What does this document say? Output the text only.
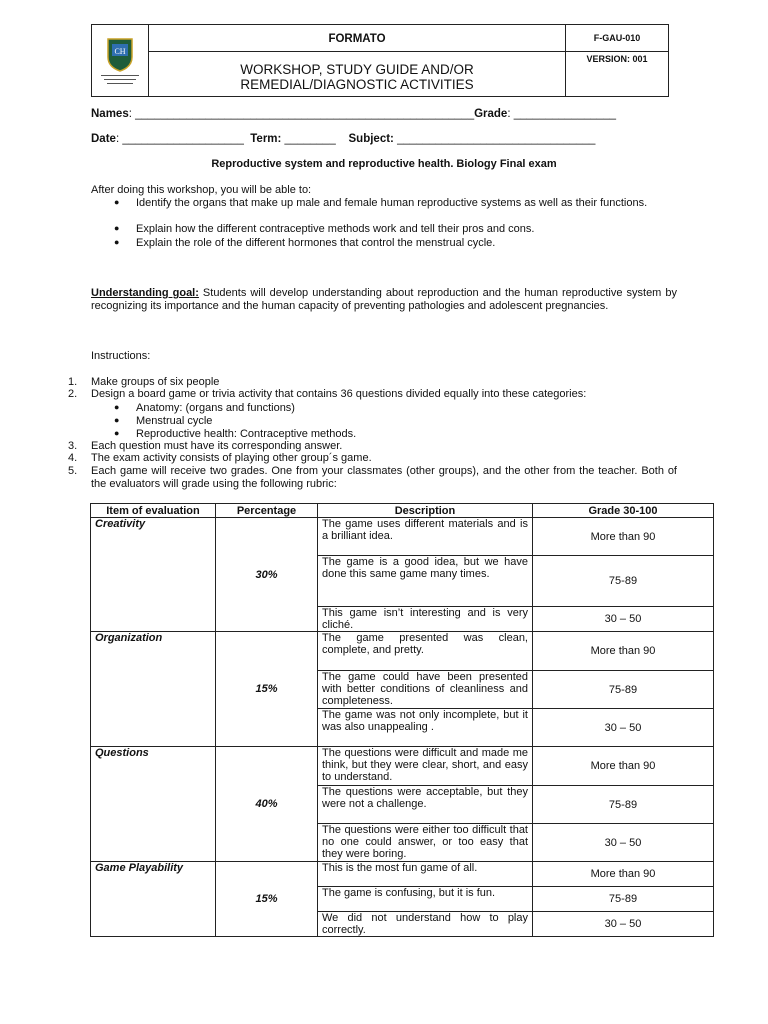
CH
FORMATO
WORKSHOP, STUDY GUIDE AND/OR
REMEDIAL/DIAGNOSTIC ACTIVITIES
F-GAU-010
VERSION: 001
Names: _____________________________________________________Grade: ________________
Date: ___________________ Term: ________ Subject: _______________________________
Reproductive system and reproductive health. Biology Final exam
After doing this workshop, you will be able to:
● Identify the organs that make up male and female human reproductive systems as well as their functions.
● Explain how the different contraceptive methods work and tell their pros and cons.
● Explain the role of the different hormones that control the menstrual cycle.
Understanding goal: Students will develop understanding about reproduction and the human reproductive system by recognizing its importance and the human capacity of preventing pathologies and adolescent pregnancies.
Instructions:
1. Make groups of six people
2. Design a board game or trivia activity that contains 36 questions divided equally into these categories:
● Anatomy: (organs and functions)
● Menstrual cycle
● Reproductive health: Contraceptive methods.
3. Each question must have its corresponding answer.
4. The exam activity consists of playing other group´s game.
5. Each game will receive two grades. One from your classmates (other groups), and the other from the teacher. Both of the evaluators will grade using the following rubric:
Item of evaluation	Percentage	Description	Grade 30-100
Creativity	30%	The game uses different materials and is a brilliant idea.	More than 90
		The game is a good idea, but we have done this same game many times.	75-89
		This game isn’t interesting and is very cliché.	30 – 50
Organization	15%	The game presented was clean, complete, and pretty.	More than 90
		The game could have been presented with better conditions of cleanliness and completeness.	75-89
		The game was not only incomplete, but it was also unappealing .	30 – 50
Questions	40%	The questions were difficult and made me think, but they were clear, short, and easy to understand.	More than 90
		The questions were acceptable, but they were not a challenge.	75-89
		The questions were either too difficult that no one could answer, or too easy that they were boring.	30 – 50
Game Playability	15%	This is the most fun game of all.	More than 90
		The game is confusing, but it is fun.	75-89
		We did not understand how to play correctly.	30 – 50
